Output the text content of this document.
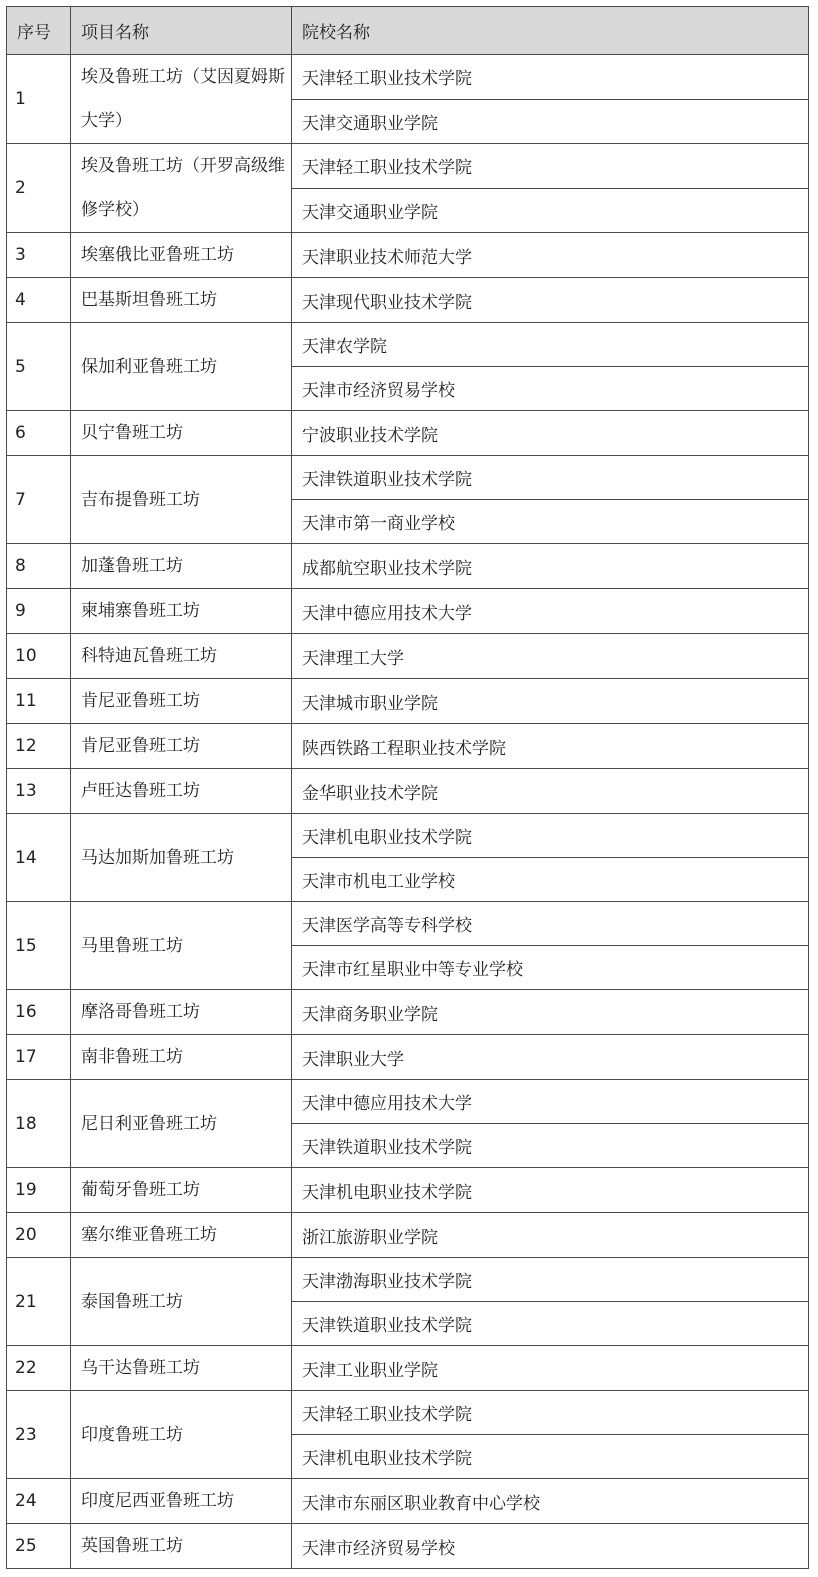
序号	项目名称	院校名称
1	埃及鲁班工坊（艾因夏姆斯大学）	天津轻工职业技术学院
		天津交通职业学院
2	埃及鲁班工坊（开罗高级维修学校）	天津轻工职业技术学院
		天津交通职业学院
3	埃塞俄比亚鲁班工坊	天津职业技术师范大学
4	巴基斯坦鲁班工坊	天津现代职业技术学院
5	保加利亚鲁班工坊	天津农学院
		天津市经济贸易学校
6	贝宁鲁班工坊	宁波职业技术学院
7	吉布提鲁班工坊	天津铁道职业技术学院
		天津市第一商业学校
8	加蓬鲁班工坊	成都航空职业技术学院
9	柬埔寨鲁班工坊	天津中德应用技术大学
10	科特迪瓦鲁班工坊	天津理工大学
11	肯尼亚鲁班工坊	天津城市职业学院
12	肯尼亚鲁班工坊	陕西铁路工程职业技术学院
13	卢旺达鲁班工坊	金华职业技术学院
14	马达加斯加鲁班工坊	天津机电职业技术学院
		天津市机电工业学校
15	马里鲁班工坊	天津医学高等专科学校
		天津市红星职业中等专业学校
16	摩洛哥鲁班工坊	天津商务职业学院
17	南非鲁班工坊	天津职业大学
18	尼日利亚鲁班工坊	天津中德应用技术大学
		天津铁道职业技术学院
19	葡萄牙鲁班工坊	天津机电职业技术学院
20	塞尔维亚鲁班工坊	浙江旅游职业学院
21	泰国鲁班工坊	天津渤海职业技术学院
		天津铁道职业技术学院
22	乌干达鲁班工坊	天津工业职业学院
23	印度鲁班工坊	天津轻工职业技术学院
		天津机电职业技术学院
24	印度尼西亚鲁班工坊	天津市东丽区职业教育中心学校
25	英国鲁班工坊	天津市经济贸易学校
